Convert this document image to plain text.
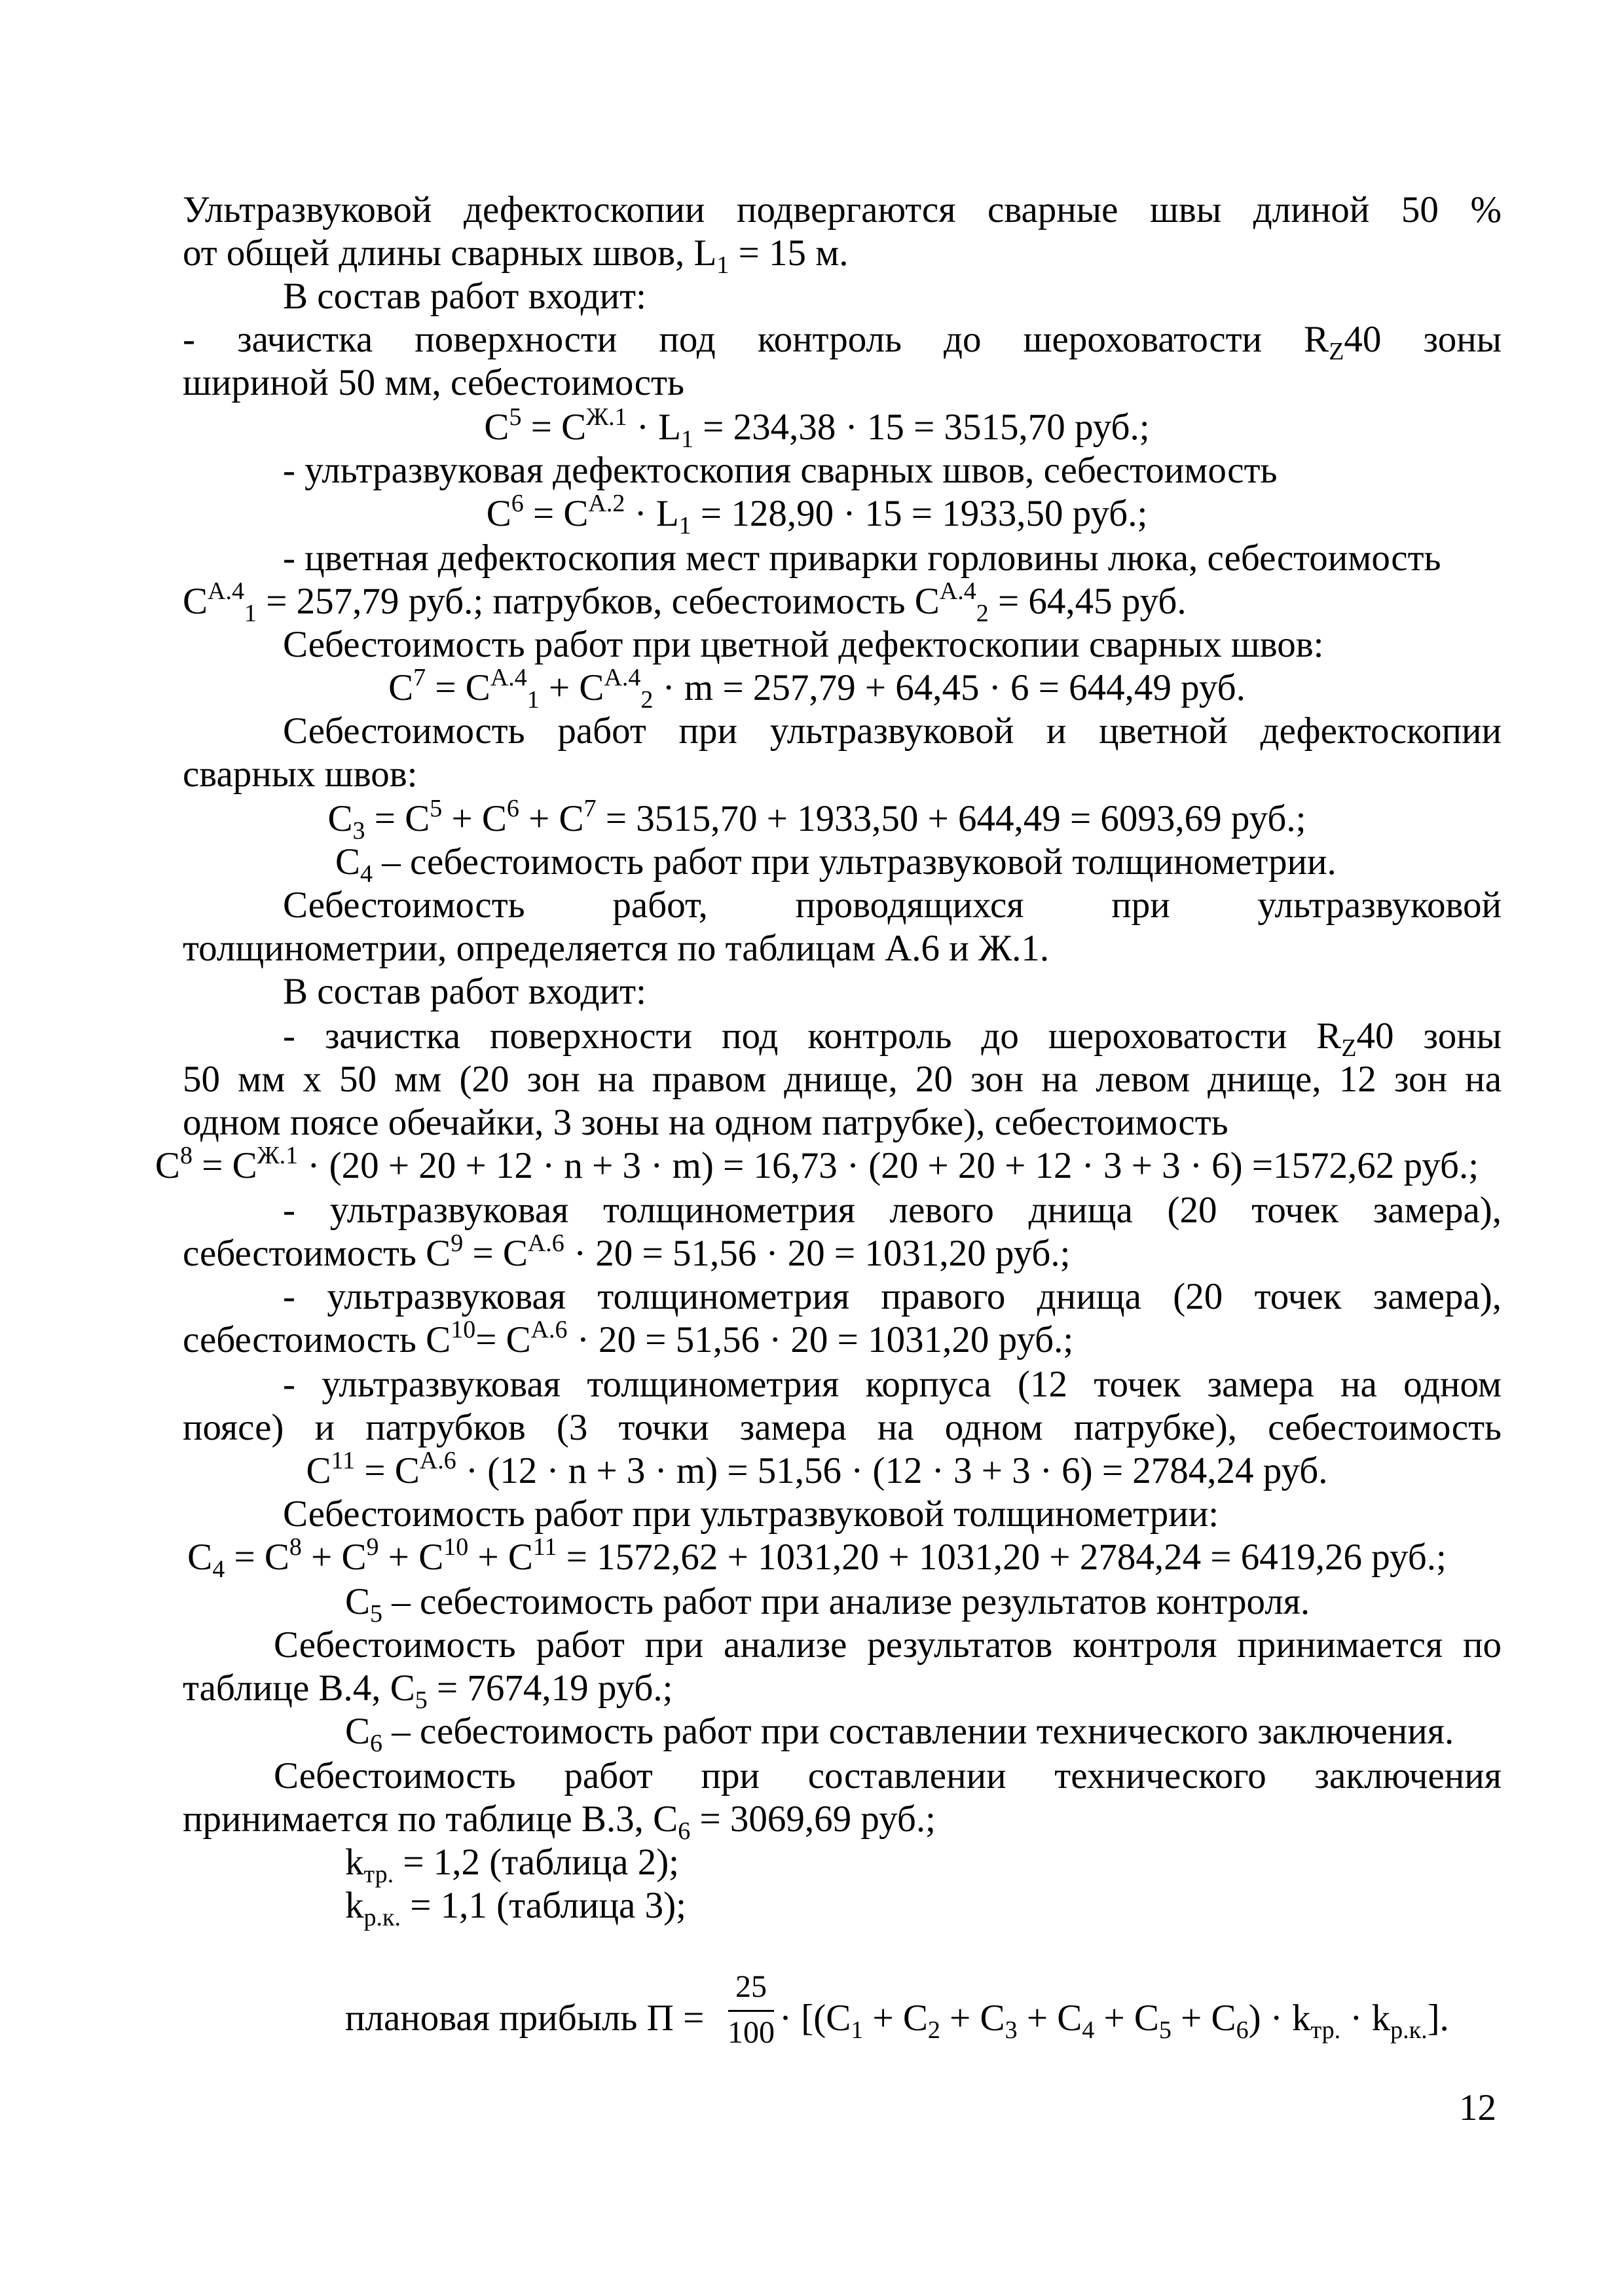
Ультразвуковой дефектоскопии подвергаются сварные швы длиной 50 %
от общей длины сварных швов, $L_1 = 15$ м.
В состав работ входит:
- зачистка поверхности под контроль до шероховатости $R_Z40$ зоны
шириной 50 мм, себестоимость
$C^5 = C^{Ж.1} \cdot L_1 = 234,38 \cdot 15 = 3515,70$ руб.;
- ультразвуковая дефектоскопия сварных швов, себестоимость
$C^6 = C^{A.2} \cdot L_1 = 128,90 \cdot 15 = 1933,50$ руб.;
- цветная дефектоскопия мест приварки горловины люка, себестоимость
$C^{A.4}_1 = 257,79$ руб.; патрубков, себестоимость $C^{A.4}_2 = 64,45$ руб.
Себестоимость работ при цветной дефектоскопии сварных швов:
$C^7 = C^{A.4}_1 + C^{A.4}_2 \cdot m = 257,79 + 64,45 \cdot 6 = 644,49$ руб.
Себестоимость работ при ультразвуковой и цветной дефектоскопии
сварных швов:
$C_3 = C^5 + C^6 + C^7 = 3515,70 + 1933,50 + 644,49 = 6093,69$ руб.;
$C_4$ – себестоимость работ при ультразвуковой толщинометрии.
Себестоимость работ, проводящихся при ультразвуковой
толщинометрии, определяется по таблицам А.6 и Ж.1.
В состав работ входит:
- зачистка поверхности под контроль до шероховатости $R_Z40$ зоны
50 мм х 50 мм (20 зон на правом днище, 20 зон на левом днище, 12 зон на
одном поясе обечайки, 3 зоны на одном патрубке), себестоимость
$C^8 = C^{Ж.1} \cdot (20 + 20 + 12 \cdot n + 3 \cdot m) = 16,73 \cdot (20 + 20 + 12 \cdot 3 + 3 \cdot 6) =1572,62$ руб.;
- ультразвуковая толщинометрия левого днища (20 точек замера),
себестоимость $C^9 = C^{A.6} \cdot 20 = 51,56 \cdot 20 = 1031,20$ руб.;
- ультразвуковая толщинометрия правого днища (20 точек замера),
себестоимость $C^{10}= C^{A.6} \cdot 20 = 51,56 \cdot 20 = 1031,20$ руб.;
- ультразвуковая толщинометрия корпуса (12 точек замера на одном
поясе) и патрубков (3 точки замера на одном патрубке), себестоимость
$C^{11} = C^{A.6} \cdot (12 \cdot n + 3 \cdot m) = 51,56 \cdot (12 \cdot 3 + 3 \cdot 6) = 2784,24$ руб.
Себестоимость работ при ультразвуковой толщинометрии:
$C_4 = C^8 + C^9 + C^{10} + C^{11} = 1572,62 + 1031,20 + 1031,20 + 2784,24 = 6419,26$ руб.;
$C_5$ – себестоимость работ при анализе результатов контроля.
Себестоимость работ при анализе результатов контроля принимается по
таблице В.4, $C_5 = 7674,19$ руб.;
$C_6$ – себестоимость работ при составлении технического заключения.
Себестоимость работ при составлении технического заключения
принимается по таблице В.3, $C_6 = 3069,69$ руб.;
$k_{тр.} = 1,2$ (таблица 2);
$k_{р.к.} = 1,1$ (таблица 3);
плановая прибыль П =
25
$100 \cdot [(C_1 + C_2 + C_3 + C_4 + C_5 + C_6) \cdot k_{тр.} \cdot k_{р.к.}]$.
12
